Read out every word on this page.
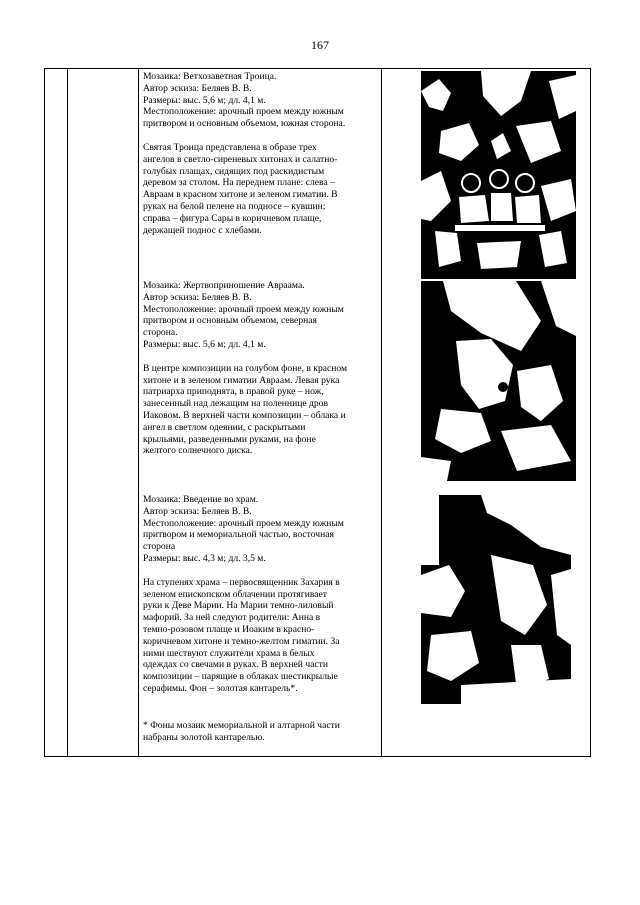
167

Мозаика: Ветхозаветная Троица.

Автор эскиза: Беляев В. В.

Размеры: выс. 5,6 м; дл. 4,1 м.

Местоположение: арочный проем между южным

притвором и основным объемом, южная сторона.

Святая Троица представлена в образе трех

ангелов в светло-сиреневых хитонах и салатно-

голубых плащах, сидящих под раскидистым

деревом за столом. На переднем плане: слева –

Авраам в красном хитоне и зеленом гиматии. В

руках на белой пелене на подносе – кувшин;

справа – фигура Сары в коричневом плаще,

держащей поднос с хлебами.

Мозаика: Жертвоприношение Авраама.

Автор эскиза: Беляев В. В.

Местоположение: арочный проем между южным

притвором и основным объемом, северная

сторона.

Размеры: выс. 5,6 м; дл. 4,1 м.

В центре композиции на голубом фоне, в красном

хитоне и в зеленом гиматии Авраам. Левая рука

патриарха приподнята, в правой руке – нож,

занесенный над лежащим на поленнице дров

Иаковом. В верхней части композиции – облака и

ангел в светлом одеянии, с раскрытыми

крыльями, разведенными руками, на фоне

желтого солнечного диска.

Мозаика: Введение во храм.

Автор эскиза: Беляев В. В.

Местоположение: арочный проем между южным

притвором и мемориальной частью, восточная

сторона

Размеры: выс. 4,3 м; дл. 3,5 м.

На ступенях храма – первосвященник Захария в

зеленом епископском облачении протягивает

руки к Деве Марии. На Марии темно-лиловый

мафорий. За ней следуют родители: Анна в

темно-розовом плаще и Иоаким в красно-

коричневом хитоне и темно-желтом гиматии. За

ними шествуют служители храма в белых

одеждах со свечами в руках. В верхней части

композиции – парящие в облаках шестикрылые

серафимы. Фон – золотая кантарель*.

* Фоны мозаик мемориальной и алтарной части

набраны золотой кантарелью.
